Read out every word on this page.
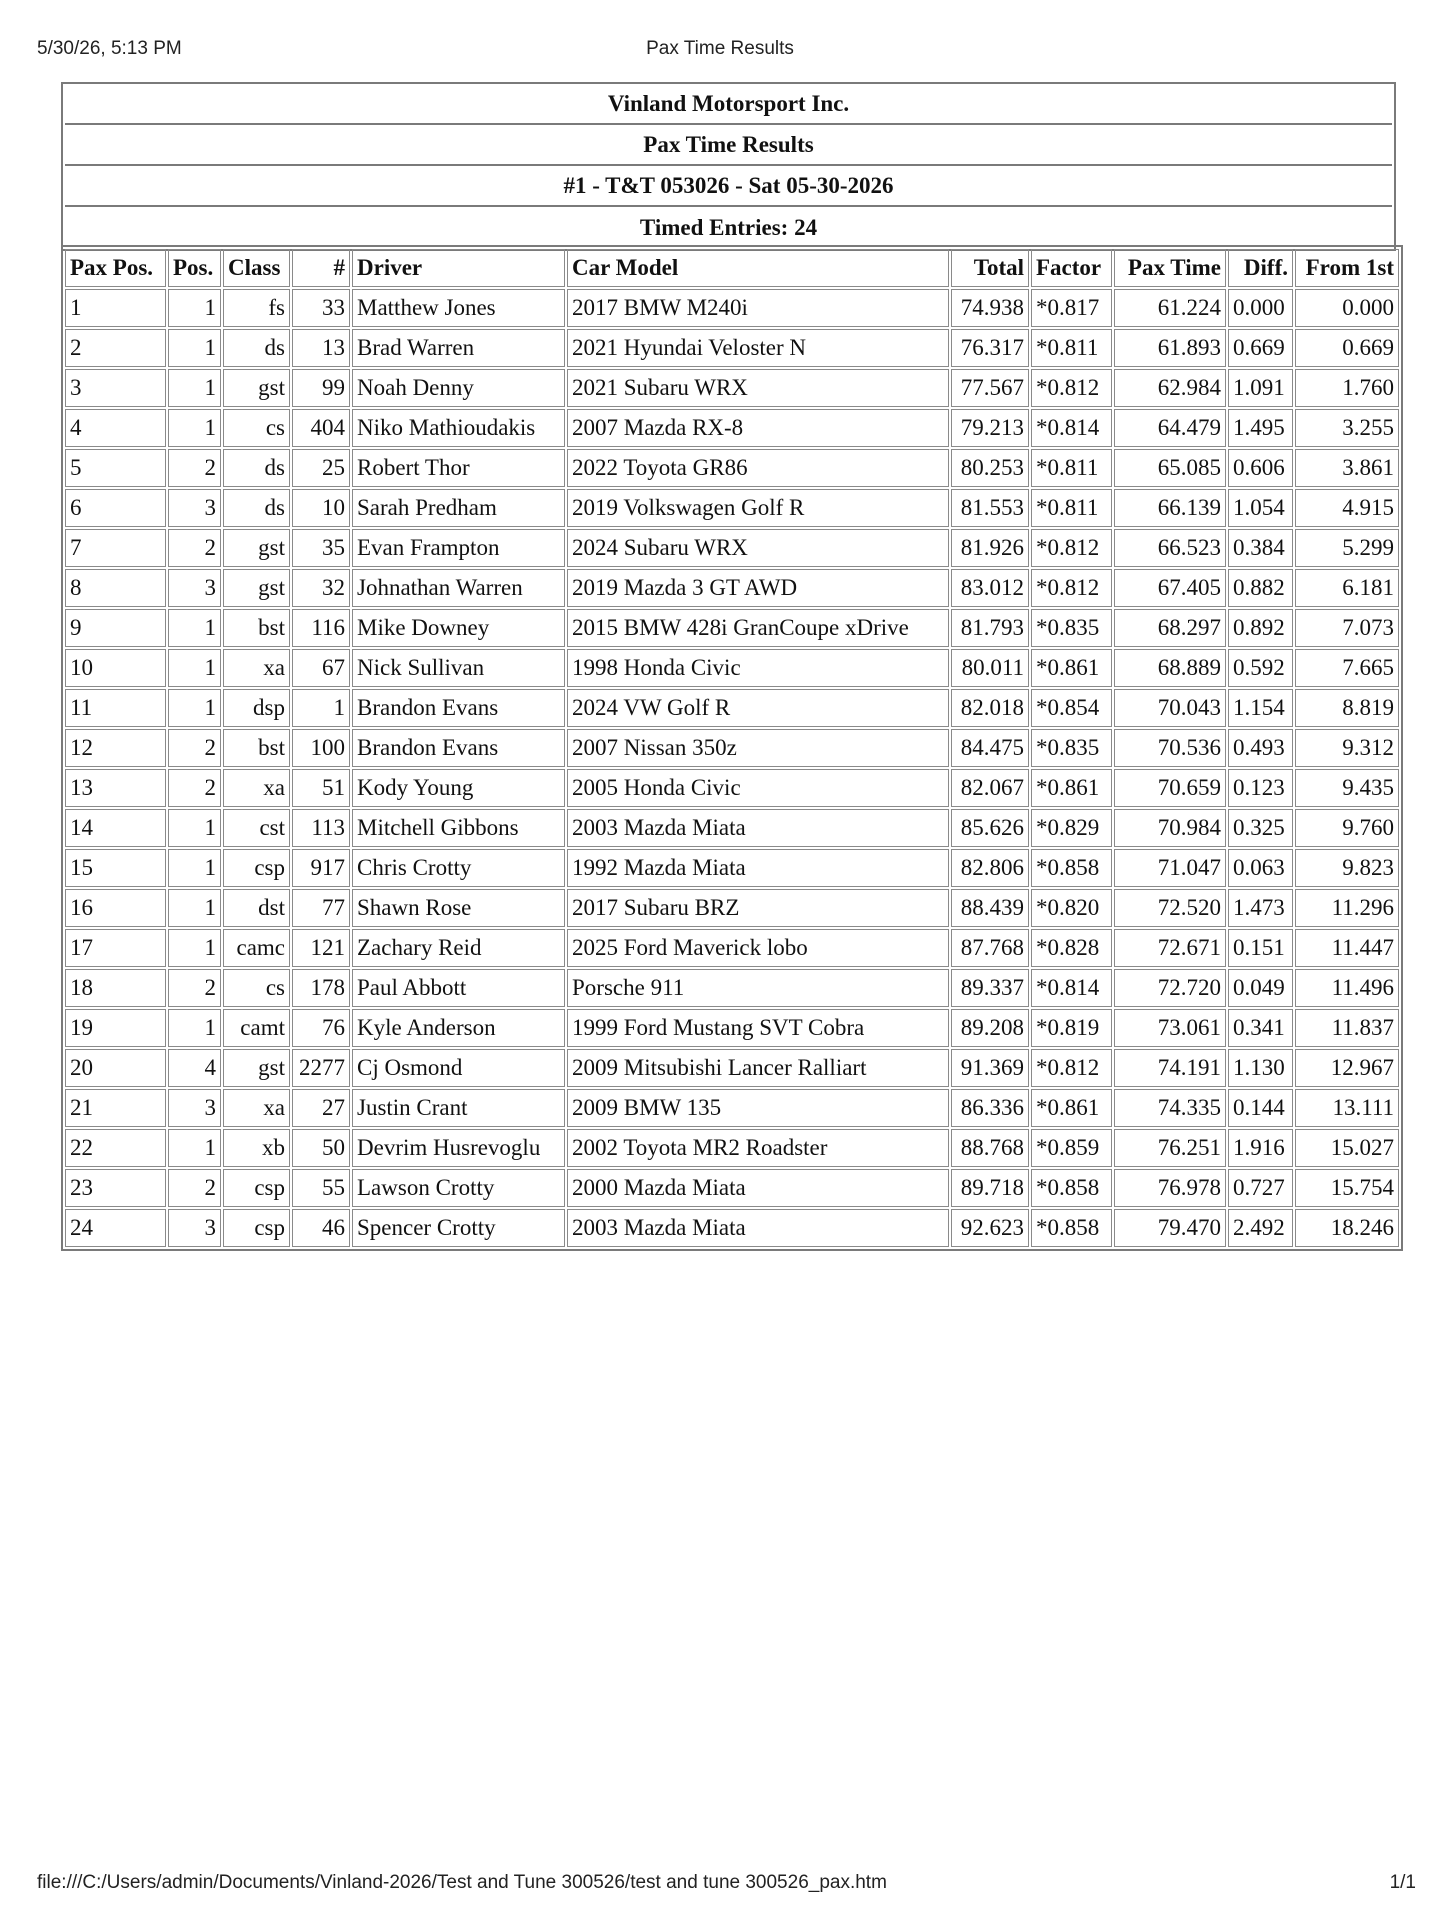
5/30/26, 5:13 PM	Pax Time Results
Vinland Motorsport Inc.
Pax Time Results
#1 - T&T 053026 - Sat 05-30-2026
Timed Entries: 24
Pax Pos.	Pos.	Class	#	Driver	Car Model	Total	Factor	Pax Time	Diff.	From 1st
1	1	fs	33	Matthew Jones	2017 BMW M240i	74.938	*0.817	61.224	0.000	0.000
2	1	ds	13	Brad Warren	2021 Hyundai Veloster N	76.317	*0.811	61.893	0.669	0.669
3	1	gst	99	Noah Denny	2021 Subaru WRX	77.567	*0.812	62.984	1.091	1.760
4	1	cs	404	Niko Mathioudakis	2007 Mazda RX-8	79.213	*0.814	64.479	1.495	3.255
5	2	ds	25	Robert Thor	2022 Toyota GR86	80.253	*0.811	65.085	0.606	3.861
6	3	ds	10	Sarah Predham	2019 Volkswagen Golf R	81.553	*0.811	66.139	1.054	4.915
7	2	gst	35	Evan Frampton	2024 Subaru WRX	81.926	*0.812	66.523	0.384	5.299
8	3	gst	32	Johnathan Warren	2019 Mazda 3 GT AWD	83.012	*0.812	67.405	0.882	6.181
9	1	bst	116	Mike Downey	2015 BMW 428i GranCoupe xDrive	81.793	*0.835	68.297	0.892	7.073
10	1	xa	67	Nick Sullivan	1998 Honda Civic	80.011	*0.861	68.889	0.592	7.665
11	1	dsp	1	Brandon Evans	2024 VW Golf R	82.018	*0.854	70.043	1.154	8.819
12	2	bst	100	Brandon Evans	2007 Nissan 350z	84.475	*0.835	70.536	0.493	9.312
13	2	xa	51	Kody Young	2005 Honda Civic	82.067	*0.861	70.659	0.123	9.435
14	1	cst	113	Mitchell Gibbons	2003 Mazda Miata	85.626	*0.829	70.984	0.325	9.760
15	1	csp	917	Chris Crotty	1992 Mazda Miata	82.806	*0.858	71.047	0.063	9.823
16	1	dst	77	Shawn Rose	2017 Subaru BRZ	88.439	*0.820	72.520	1.473	11.296
17	1	camc	121	Zachary Reid	2025 Ford Maverick lobo	87.768	*0.828	72.671	0.151	11.447
18	2	cs	178	Paul Abbott	Porsche 911	89.337	*0.814	72.720	0.049	11.496
19	1	camt	76	Kyle Anderson	1999 Ford Mustang SVT Cobra	89.208	*0.819	73.061	0.341	11.837
20	4	gst	2277	Cj Osmond	2009 Mitsubishi Lancer Ralliart	91.369	*0.812	74.191	1.130	12.967
21	3	xa	27	Justin Crant	2009 BMW 135	86.336	*0.861	74.335	0.144	13.111
22	1	xb	50	Devrim Husrevoglu	2002 Toyota MR2 Roadster	88.768	*0.859	76.251	1.916	15.027
23	2	csp	55	Lawson Crotty	2000 Mazda Miata	89.718	*0.858	76.978	0.727	15.754
24	3	csp	46	Spencer Crotty	2003 Mazda Miata	92.623	*0.858	79.470	2.492	18.246
file:///C:/Users/admin/Documents/Vinland-2026/Test and Tune 300526/test and tune 300526_pax.htm	1/1
